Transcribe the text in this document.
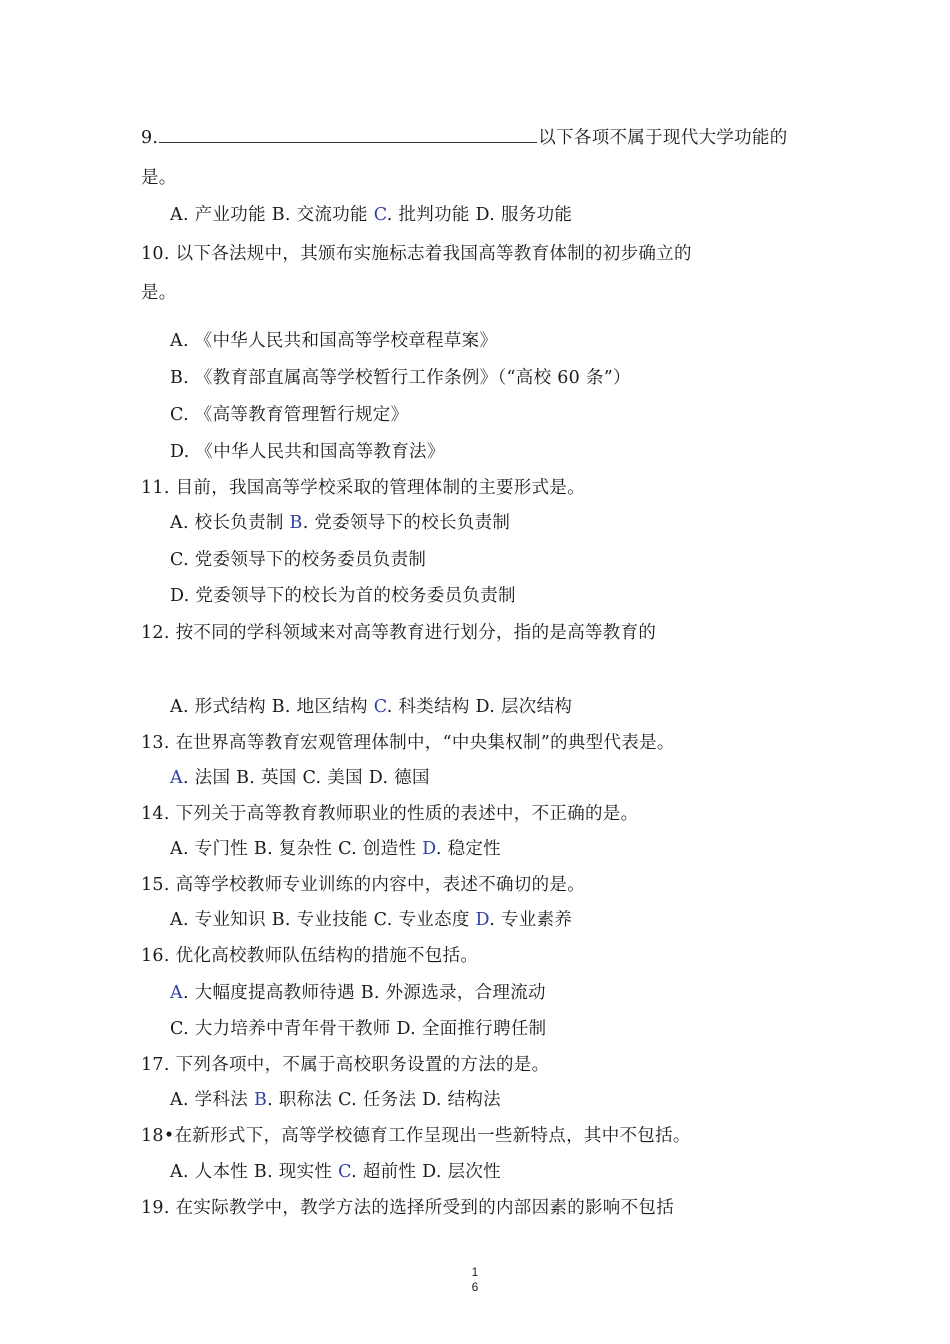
9.	以下各项不属于现代大学功能的
是。
A. 产业功能 B. 交流功能 C. 批判功能 D. 服务功能
10. 以下各法规中，其颁布实施标志着我国高等教育体制的初步确立的
是。
A. 《中华人民共和国高等学校章程草案》
B. 《教育部直属高等学校暂行工作条例》（“高校 60 条”）
C. 《高等教育管理暂行规定》
D. 《中华人民共和国高等教育法》
11. 目前，我国高等学校采取的管理体制的主要形式是。
A. 校长负责制 B. 党委领导下的校长负责制
C. 党委领导下的校务委员负责制
D. 党委领导下的校长为首的校务委员负责制
12. 按不同的学科领域来对高等教育进行划分，指的是高等教育的
A. 形式结构 B. 地区结构 C. 科类结构 D. 层次结构
13. 在世界高等教育宏观管理体制中，“中央集权制”的典型代表是。
A. 法国 B. 英国 C. 美国 D. 德国
14. 下列关于高等教育教师职业的性质的表述中，不正确的是。
A. 专门性 B. 复杂性 C. 创造性 D. 稳定性
15. 高等学校教师专业训练的内容中，表述不确切的是。
A. 专业知识 B. 专业技能 C. 专业态度 D. 专业素养
16. 优化高校教师队伍结构的措施不包括。
A. 大幅度提高教师待遇 B. 外源选录，合理流动
C. 大力培养中青年骨干教师 D. 全面推行聘任制
17. 下列各项中，不属于高校职务设置的方法的是。
A. 学科法 B. 职称法 C. 任务法 D. 结构法
18•在新形式下，高等学校德育工作呈现出一些新特点，其中不包括。
A. 人本性 B. 现实性 C. 超前性 D. 层次性
19. 在实际教学中，教学方法的选择所受到的内部因素的影响不包括
1
6
